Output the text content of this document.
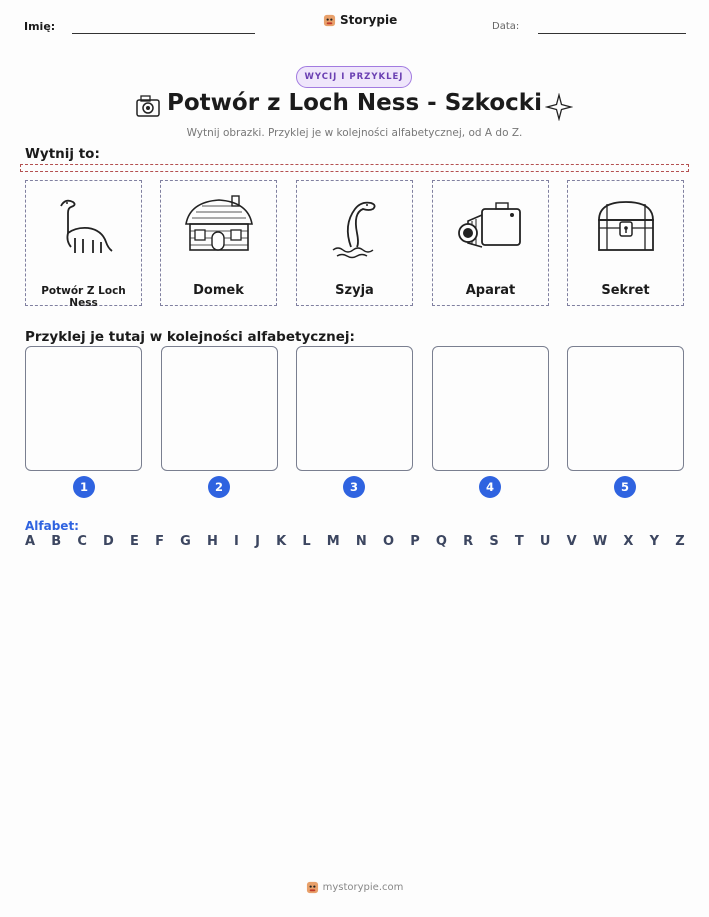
Imię:	Storypie	Data:
WYCIJ I PRZYKLEJ
Potwór z Loch Ness - Szkocki
Wytnij obrazki. Przyklej je w kolejności alfabetycznej, od A do Z.
Wytnij to:
Potwór Z Loch Ness
Domek	Szyja	Aparat	Sekret
Przyklej je tutaj w kolejności alfabetycznej:
1	2	3	4	5
Alfabet:
A B C D E F G H I J K L M N O P Q R S T U V W X Y Z
mystorypie.com
